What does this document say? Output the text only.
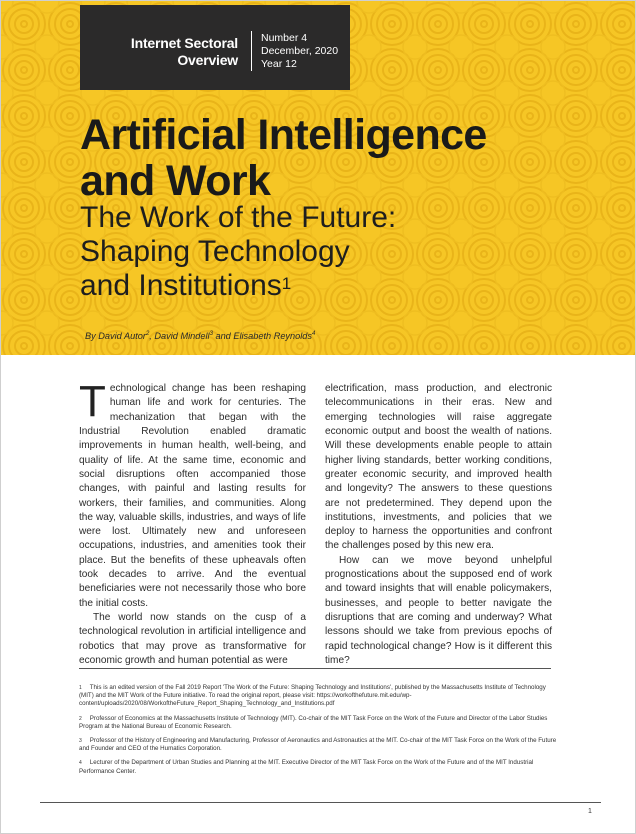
Internet Sectoral
Overview
Number 4
December, 2020
Year 12
Artificial Intelligence
and Work
The Work of the Future:
Shaping Technology
and Institutions$^1$
By David Autor$^2$, David Mindell$^3$ and Elisabeth Reynolds$^4$

Technological change has been reshaping human life and work for centuries. The mechanization that began with the Industrial Revolution enabled dramatic improvements in human health, well-being, and quality of life. At the same time, economic and social disruptions often accompanied those changes, with painful and lasting results for workers, their families, and communities. Along the way, valuable skills, industries, and ways of life were lost. Ultimately new and unforeseen occupations, industries, and amenities took their place. But the benefits of these upheavals often took decades to arrive. And the eventual beneficiaries were not necessarily those who bore the initial costs.

The world now stands on the cusp of a technological revolution in artificial intelligence and robotics that may prove as transformative for economic growth and human potential as were

electrification, mass production, and electronic telecommunications in their eras. New and emerging technologies will raise aggregate economic output and boost the wealth of nations. Will these developments enable people to attain higher living standards, better working conditions, greater economic security, and improved health and longevity? The answers to these questions are not predetermined. They depend upon the institutions, investments, and policies that we deploy to harness the opportunities and confront the challenges posed by this new era.

How can we move beyond unhelpful prognostications about the supposed end of work and toward insights that will enable policymakers, businesses, and people to better navigate the disruptions that are coming and underway? What lessons should we take from previous epochs of rapid technological change? How is it different this time?

$^1$ This is an edited version of the Fall 2019 Report 'The Work of the Future: Shaping Technology and Institutions', published by the Massachusetts Institute of Technology (MIT) and the MIT Work of the Future initiative. To read the original report, please visit: https://workofthefuture.mit.edu/wp-content/uploads/2020/08/WorkoftheFuture_Report_Shaping_Technology_and_Institutions.pdf
$^2$ Professor of Economics at the Massachusetts Institute of Technology (MIT). Co-chair of the MIT Task Force on the Work of the Future and Director of the Labor Studies Program at the National Bureau of Economic Research.
$^3$ Professor of the History of Engineering and Manufacturing, Professor of Aeronautics and Astronautics at the MIT. Co-chair of the MIT Task Force on the Work of the Future and Founder and CEO of the Humatics Corporation.
$^4$ Lecturer of the Department of Urban Studies and Planning at the MIT. Executive Director of the MIT Task Force on the Work of the Future and of the MIT Industrial Performance Center.
1
